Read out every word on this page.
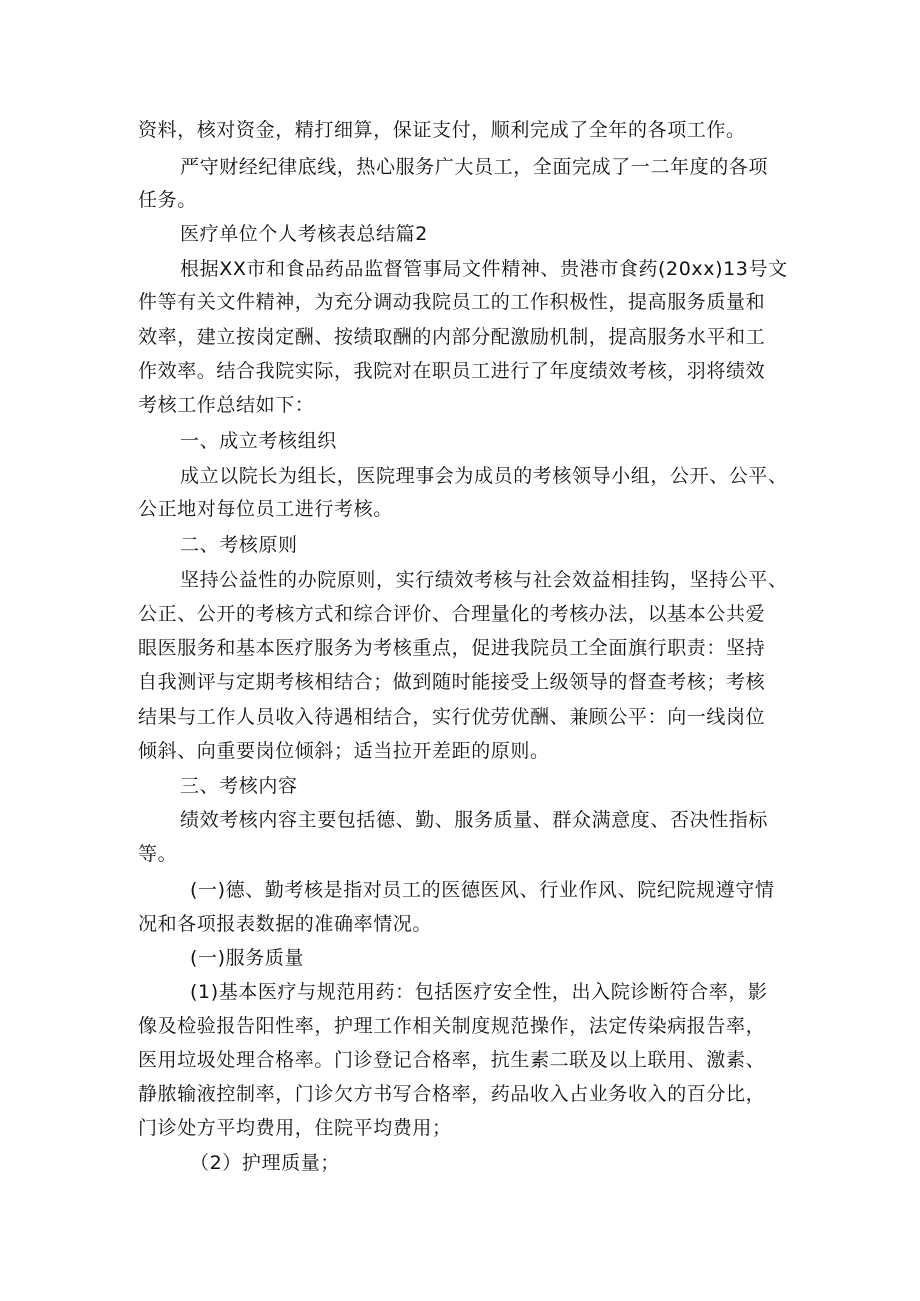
资料，核对资金，精打细算，保证支付，顺利完成了全年的各项工作。
严守财经纪律底线，热心服务广大员工，全面完成了一二年度的各项
任务。
医疗单位个人考核表总结篇2
根据XX市和食品药品监督管事局文件精神、贵港市食药(20xx)13号文
件等有关文件精神，为充分调动我院员工的工作积极性，提高服务质量和
效率，建立按岗定酬、按绩取酬的内部分配激励机制，提高服务水平和工
作效率。结合我院实际，我院对在职员工进行了年度绩效考核，羽将绩效
考核工作总结如下：
一、成立考核组织
成立以院长为组长，医院理事会为成员的考核领导小组，公开、公平、
公正地对每位员工进行考核。
二、考核原则
坚持公益性的办院原则，实行绩效考核与社会效益相挂钩，坚持公平、
公正、公开的考核方式和综合评价、合理量化的考核办法，以基本公共爱
眼医服务和基本医疗服务为考核重点，促进我院员工全面旗行职责：坚持
自我测评与定期考核相结合；做到随时能接受上级领导的督查考核；考核
结果与工作人员收入待遇相结合，实行优劳优酬、兼顾公平：向一线岗位
倾斜、向重要岗位倾斜；适当拉开差距的原则。
三、考核内容
绩效考核内容主要包括德、勤、服务质量、群众满意度、否决性指标
等。
(一)德、勤考核是指对员工的医德医风、行业作风、院纪院规遵守情
况和各项报表数据的准确率情况。
(一)服务质量
(1)基本医疗与规范用药：包括医疗安全性，出入院诊断符合率，影
像及检验报告阳性率，护理工作相关制度规范操作，法定传染病报告率，
医用垃圾处理合格率。门诊登记合格率，抗生素二联及以上联用、激素、
静脓输液控制率，门诊欠方书写合格率，药品收入占业务收入的百分比，
门诊处方平均费用，住院平均费用；
（2）护理质量；
